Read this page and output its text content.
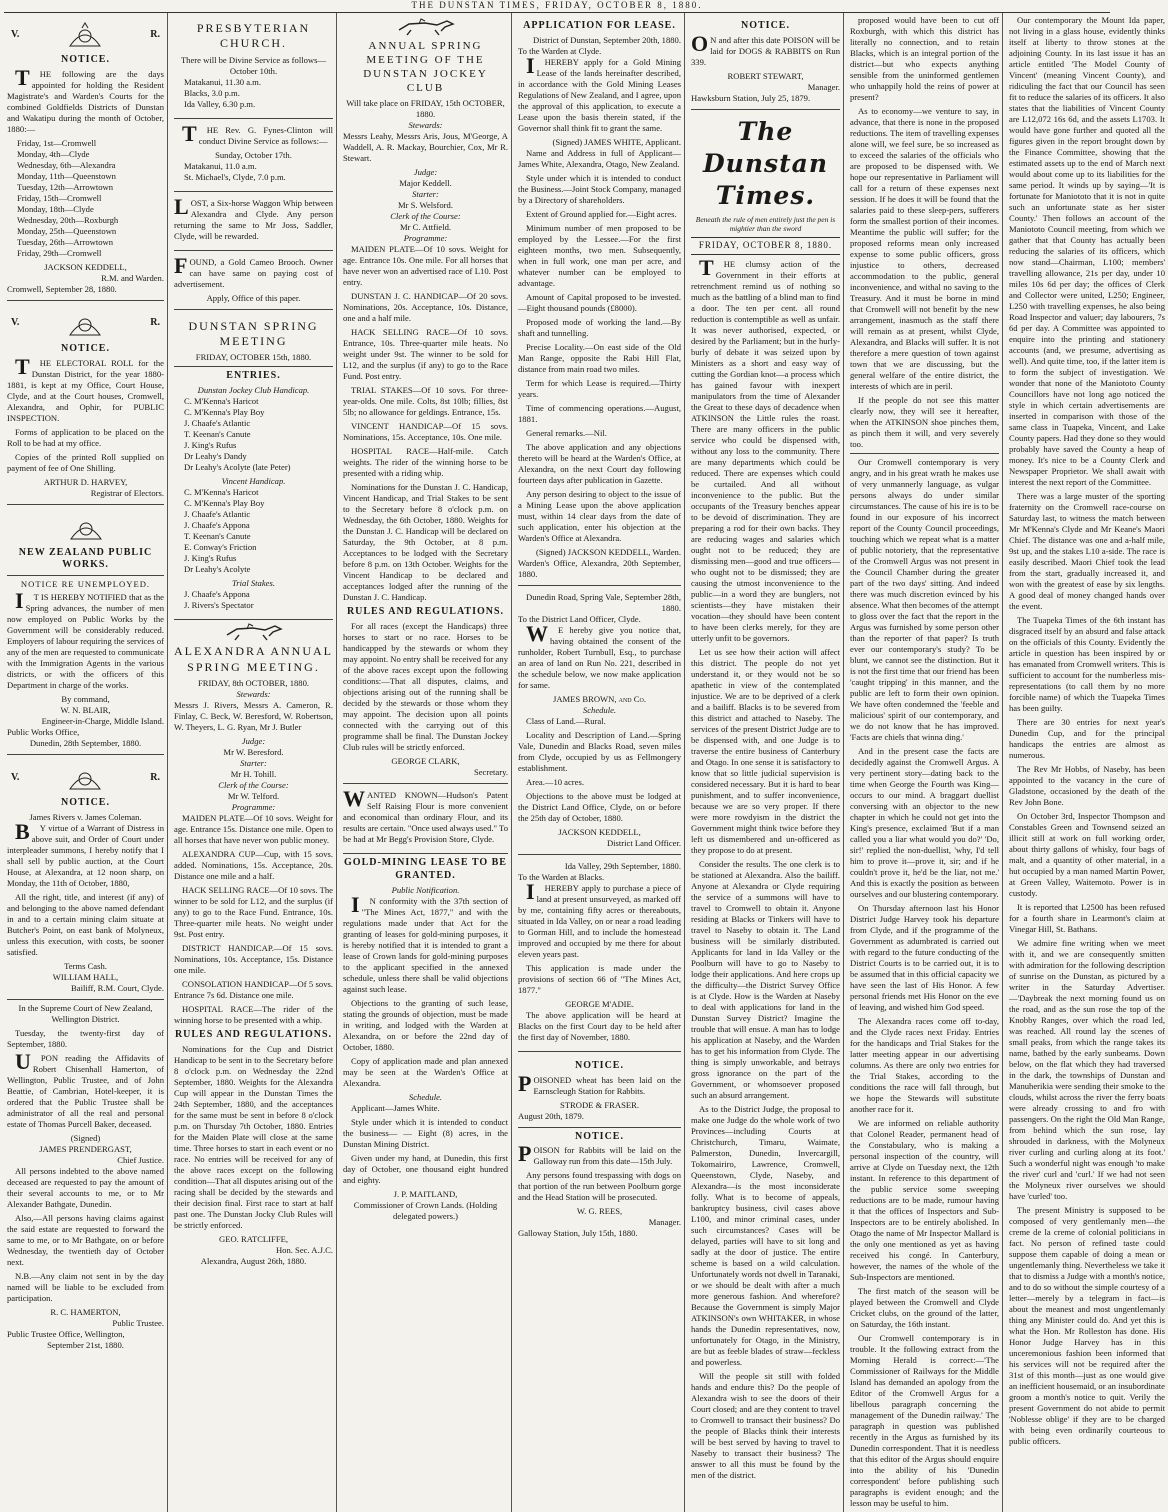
THE DUNSTAN TIMES, FRIDAY, OCTOBER 8, 1880.
V.	R.
NOTICE.

THE following are the days appointed for holding the Resident Magistrate's and Warden's Courts for the combined Goldfields Districts of Dunstan and Wakatipu during the month of October, 1880:—

Friday, 1st—Cromwell
Monday, 4th—Clyde
Wednesday, 6th—Alexandra
Monday, 11th—Queenstown
Tuesday, 12th—Arrowtown
Friday, 15th—Cromwell
Monday, 18th—Clyde
Wednesday, 20th—Roxburgh
Monday, 25th—Queenstown
Tuesday, 26th—Arrowtown
Friday, 29th—Cromwell
JACKSON KEDDELL,
R.M. and Warden.
Cromwell, September 28, 1880.
V.	R.
NOTICE.

THE ELECTORAL ROLL for the Dunstan District, for the year 1880-1881, is kept at my Office, Court House, Clyde, and at the Court houses, Cromwell, Alexandra, and Ophir, for PUBLIC INSPECTION.

Forms of application to be placed on the Roll to be had at my office.

Copies of the printed Roll supplied on payment of fee of One Shilling.

ARTHUR D. HARVEY,
Registrar of Electors.
NEW ZEALAND PUBLIC WORKS.
NOTICE RE UNEMPLOYED.

IT IS HEREBY NOTIFIED that as the Spring advances, the number of men now employed on Public Works by the Government will be considerably reduced. Employers of labour requiring the services of any of the men are requested to communicate with the Immigration Agents in the various districts, or with the officers of this Department in charge of the works.

By command,
W. N. BLAIR,
Engineer-in-Charge, Middle Island.
Public Works Office,
Dunedin, 28th September, 1880.
V.	R.
NOTICE.
James Rivers v. James Coleman.

BY virtue of a Warrant of Distress in above suit, and Order of Court under interpleader summons, I hereby notify that I shall sell by public auction, at the Court House, at Alexandra, at 12 noon sharp, on Monday, the 11th of October, 1880,

All the right, title, and interest (if any) of and belonging to the above named defendant in and to a certain mining claim situate at Butcher's Point, on east bank of Molyneux, unless this execution, with costs, be sooner satisfied.

Terms Cash.
WILLIAM HALL,
Bailiff, R.M. Court, Clyde.

In the Supreme Court of New Zealand, Wellington District.

Tuesday, the twenty-first day of September, 1880.

UPON reading the Affidavits of Robert Chisenhall Hamerton, of Wellington, Public Trustee, and of John Beattie, of Cambrian, Hotel-keeper, it is ordered that the Public Trustee shall be administrator of all the real and personal estate of Thomas Purcell Baker, deceased.

(Signed)
JAMES PRENDERGAST,
Chief Justice.

All persons indebted to the above named deceased are requested to pay the amount of their several accounts to me, or to Mr Alexander Bathgate, Dunedin.

Also,—All persons having claims against the said estate are requested to forward the same to me, or to Mr Bathgate, on or before Wednesday, the twentieth day of October next.

N.B.—Any claim not sent in by the day named will be liable to be excluded from participation.

R. C. HAMERTON,
Public Trustee.
Public Trustee Office, Wellington,
September 21st, 1880.
PRESBYTERIAN CHURCH.
There will be Divine Service as follows—
October 10th.
Matakanui, 11.30 a.m.
Blacks, 3.0 p.m.
Ida Valley, 6.30 p.m.

THE Rev. G. Fynes-Clinton will conduct Divine Service as follows:—

Sunday, October 17th.
Matakanui, 11.0 a.m.
St. Michael's, Clyde, 7.0 p.m.

LOST, a Six-horse Waggon Whip between Alexandra and Clyde. Any person returning the same to Mr Joss, Saddler, Clyde, will be rewarded.

FOUND, a Gold Cameo Brooch. Owner can have same on paying cost of advertisement.

Apply, Office of this paper.
DUNSTAN SPRING MEETING
FRIDAY, OCTOBER 15th, 1880.
ENTRIES.
Dunstan Jockey Club Handicap.
C. M'Kenna's Haricot
C. M'Kenna's Play Boy
J. Chaafe's Atlantic
T. Keenan's Canute
J. King's Rufus
Dr Leahy's Dandy
Dr Leahy's Acolyte (late Peter)
Vincent Handicap.
C. M'Kenna's Haricot
C. M'Kenna's Play Boy
J. Chaafe's Atlantic
J. Chaafe's Appona
T. Keenan's Canute
E. Conway's Friction
J. King's Rufus
Dr Leahy's Acolyte
Trial Stakes.
J. Chaafe's Appona
J. Rivers's Spectator
ALEXANDRA ANNUAL SPRING MEETING.
FRIDAY, 8th OCTOBER, 1880.
Stewards:

Messrs J. Rivers, Messrs A. Cameron, R. Finlay, C. Beck, W. Beresford, W. Robertson, W. Theyers, L. G. Ryan, Mr J. Butler

Judge:
Mr W. Beresford.
Starter:
Mr H. Tohill.
Clerk of the Course:
Mr W. Telford.
Programme:

MAIDEN PLATE—Of 10 sovs. Weight for age. Entrance 15s. Distance one mile. Open to all horses that have never won public money.

ALEXANDRA CUP—Cup, with 15 sovs. added. Nominations, 15s. Acceptance, 20s. Distance one mile and a half.

HACK SELLING RACE—Of 10 sovs. The winner to be sold for L12, and the surplus (if any) to go to the Race Fund. Entrance, 10s. Three-quarter mile heats. No weight under 9st. Post entry.

DISTRICT HANDICAP.—Of 15 sovs. Nominations, 10s. Acceptance, 15s. Distance one mile.

CONSOLATION HANDICAP—Of 5 sovs. Entrance 7s 6d. Distance one mile.

HOSPITAL RACE—The rider of the winning horse to be presented with a whip.

RULES AND REGULATIONS.

Nominations for the Cup and District Handicap to be sent in to the Secretary before 8 o'clock p.m. on Wednesday the 22nd September, 1880. Weights for the Alexandra Cup will appear in the Dunstan Times the 24th September, 1880, and the acceptances for the same must be sent in before 8 o'clock p.m. on Thursday 7th October, 1880. Entries for the Maiden Plate will close at the same time. Three horses to start in each event or no race. No entries will be received for any of the above races except on the following condition—That all disputes arising out of the racing shall be decided by the stewards and their decision final. First race to start at half past one. The Dunstan Jocky Club Rules will be strictly enforced.

GEO. RATCLIFFE,
Hon. Sec. A.J.C.
Alexandra, August 26th, 1880.
ANNUAL SPRING MEETING OF THE DUNSTAN JOCKEY CLUB
Will take place on FRIDAY, 15th OCTOBER, 1880.
Stewards:

Messrs Leahy, Messrs Aris, Jous, M'George, A Waddell, A. R. Mackay, Bourchier, Cox, Mr R. Stewart.

Judge:
Major Keddell.
Starter:
Mr S. Welsford.
Clerk of the Course:
Mr C. Attfield.
Programme:

MAIDEN PLATE—Of 10 sovs. Weight for age. Entrance 10s. One mile. For all horses that have never won an advertised race of L10. Post entry.

DUNSTAN J. C. HANDICAP—Of 20 sovs. Nominations, 20s. Acceptance, 10s. Distance, one and a half mile.

HACK SELLING RACE—Of 10 sovs. Entrance, 10s. Three-quarter mile heats. No weight under 9st. The winner to be sold for L12, and the surplus (if any) to go to the Race Fund. Post entry.

TRIAL STAKES—Of 10 sovs. For three-year-olds. One mile. Colts, 8st 10lb; fillies, 8st 5lb; no allowance for geldings. Entrance, 15s.

VINCENT HANDICAP—Of 15 sovs. Nominations, 15s. Acceptance, 10s. One mile.

HOSPITAL RACE—Half-mile. Catch weights. The rider of the winning horse to be presented with a riding whip.

Nominations for the Dunstan J. C. Handicap, Vincent Handicap, and Trial Stakes to be sent to the Secretary before 8 o'clock p.m. on Wednesday, the 6th October, 1880. Weights for the Dunstan J. C. Handicap will be declared on Saturday, the 9th October, at 8 p.m. Acceptances to be lodged with the Secretary before 8 p.m. on 13th October. Weights for the Vincent Handicap to be declared and acceptances lodged after the running of the Dunstan J. C. Handicap.

RULES AND REGULATIONS.

For all races (except the Handicaps) three horses to start or no race. Horses to be handicapped by the stewards or whom they may appoint. No entry shall be received for any of the above races except upon the following conditions:—That all disputes, claims, and objections arising out of the running shall be decided by the stewards or those whom they may appoint. The decision upon all points connected with the carrying out of this programme shall be final. The Dunstan Jockey Club rules will be strictly enforced.

GEORGE CLARK,
Secretary.

WANTED KNOWN—Hudson's Patent Self Raising Flour is more convenient and economical than ordinary Flour, and its results are certain. "Once used always used." To be had at Mr Begg's Provision Store, Clyde.

GOLD-MINING LEASE TO BE GRANTED.
Public Notification.

IN conformity with the 37th section of "The Mines Act, 1877," and with the regulations made under that Act for the granting of leases for gold-mining purposes, it is hereby notified that it is intended to grant a lease of Crown lands for gold-mining purposes to the applicant specified in the annexed schedule, unless there shall be valid objections against such lease.

Objections to the granting of such lease, stating the grounds of objection, must be made in writing, and lodged with the Warden at Alexandra, on or before the 22nd day of October, 1880.

Copy of application made and plan annexed may be seen at the Warden's Office at Alexandra.

Schedule.

Applicant—James White.

Style under which it is intended to conduct the business— — Eight (8) acres, in the Dunstan Mining District.

Given under my hand, at Dunedin, this first day of October, one thousand eight hundred and eighty.

J. P. MAITLAND,
Commissioner of Crown Lands. (Holding delegated powers.)
APPLICATION FOR LEASE.
District of Dunstan, September 20th, 1880.
To the Warden at Clyde.

IHEREBY apply for a Gold Mining Lease of the lands hereinafter described, in accordance with the Gold Mining Leases Regulations of New Zealand, and I agree, upon the approval of this application, to execute a Lease upon the basis therein stated, if the Governor shall think fit to grant the same.

(Signed) JAMES WHITE, Applicant.

Name and Address in full of Applicant—James White, Alexandra, Otago, New Zealand.

Style under which it is intended to conduct the Business.—Joint Stock Company, managed by a Directory of shareholders.

Extent of Ground applied for.—Eight acres.

Minimum number of men proposed to be employed by the Lessee.—For the first eighteen months, two men. Subsequently, when in full work, one man per acre, and whatever number can be employed to advantage.

Amount of Capital proposed to be invested.—Eight thousand pounds (£8000).

Proposed mode of working the land.—By shaft and tunnelling.

Precise Locality.—On east side of the Old Man Range, opposite the Rabi Hill Flat, distance from main road two miles.

Term for which Lease is required.—Thirty years.

Time of commencing operations.—August, 1881.

General remarks.—Nil.

The above application and any objections thereto will be heard at the Warden's Office, at Alexandra, on the next Court day following fourteen days after publication in Gazette.

Any person desiring to object to the issue of a Mining Lease upon the above application must, within 14 clear days from the date of such application, enter his objection at the Warden's Office at Alexandra.

(Signed) JACKSON KEDDELL, Warden.
Warden's Office, Alexandra, 20th September, 1880.
Dunedin Road, Spring Vale, September 28th, 1880.
To the District Land Officer, Clyde.

WE hereby give you notice that, having obtained the consent of the runholder, Robert Turnbull, Esq., to purchase an area of land on Run No. 221, described in the schedule below, we now make application for same.

JAMES BROWN, and Co.
Schedule.

Class of Land.—Rural.

Locality and Description of Land.—Spring Vale, Dunedin and Blacks Road, seven miles from Clyde, occupied by us as Fellmongery establishment.

Area.—10 acres.

Objections to the above must be lodged at the District Land Office, Clyde, on or before the 25th day of October, 1880.

JACKSON KEDDELL,
District Land Officer.
Ida Valley, 29th September, 1880.
To the Warden at Blacks.

IHEREBY apply to purchase a piece of land at present unsurveyed, as marked off by me, containing fifty acres or thereabouts, situated in Ida Valley, on or near a road leading to Gorman Hill, and to include the homestead improved and occupied by me there for about eleven years past.

This application is made under the provisions of section 66 of "The Mines Act, 1877."

GEORGE M'ADIE.

The above application will be heard at Blacks on the first Court day to be held after the first day of November, 1880.

NOTICE.

POISONED wheat has been laid on the Earnscleugh Station for Rabbits.

STRODE & FRASER.
August 20th, 1879.
NOTICE.

POISON for Rabbits will be laid on the Galloway run from this date—15th July.

Any persons found trespassing with dogs on that portion of the run between Poolburn gorge and the Head Station will be prosecuted.

W. G. REES,
Manager.
Galloway Station, July 15th, 1880.
NOTICE.

ON and after this date POISON will be laid for DOGS & RABBITS on Run 339.

ROBERT STEWART,
Manager.
Hawksburn Station, July 25, 1879.
The Dunstan Times.
Beneath the rule of men entirely just the pen is mightier than the sword
FRIDAY, OCTOBER 8, 1880.

THE clumsy action of the Government in their efforts at retrenchment remind us of nothing so much as the battling of a blind man to find a door. The ten per cent. all round reduction is contemptible as well as unfair. It was never authorised, expected, or desired by the Parliament; but in the hurly-burly of debate it was seized upon by Ministers as a short and easy way of cutting the Gordian knot—a process which has gained favour with inexpert manipulators from the time of Alexander the Great to these days of decadence when ATKINSON the Little rules the roast. There are many officers in the public service who could be dispensed with, without any loss to the community. There are many departments which could be reduced. There are expenses which could be curtailed. And all without inconvenience to the public. But the occupants of the Treasury benches appear to be devoid of discrimination. They are preparing a rod for their own backs. They are reducing wages and salaries which ought not to be reduced; they are dismissing men—good and true officers—who ought not to be dismissed; they are causing the utmost inconvenience to the public—in a word they are bunglers, not scientists—they have mistaken their vocation—they should have been content to have been clerks merely, for they are utterly unfit to be governors.

Let us see how their action will affect this district. The people do not yet understand it, or they would not be so apathetic in view of the contemplated injustice. We are to be deprived of a clerk and a bailiff. Blacks is to be severed from this district and attached to Naseby. The services of the present District Judge are to be dispensed with, and one Judge is to traverse the entire business of Canterbury and Otago. In one sense it is satisfactory to know that so little judicial supervision is considered necessary. But it is hard to bear punishment, and to suffer inconvenience, because we are so very proper. If there were more rowdyism in the district the Government might think twice before they left us dismembered and un-officered as they propose to do at present.

Consider the results. The one clerk is to be stationed at Alexandra. Also the bailiff. Anyone at Alexandra or Clyde requiring the service of a summons will have to travel to Cromwell to obtain it. Anyone residing at Blacks or Tinkers will have to travel to Naseby to obtain it. The Land business will be similarly distributed. Applicants for land in Ida Valley or the Poolburn will have to go to Naseby to lodge their applications. And here crops up the difficulty—the District Survey Office is at Clyde. How is the Warden at Naseby to deal with applications for land in the Dunstan Survey District? Imagine the trouble that will ensue. A man has to lodge his application at Naseby, and the Warden has to get his information from Clyde. The thing is simply unworkable, and betrays gross ignorance on the part of the Government, or whomsoever proposed such an absurd arrangement.

As to the District Judge, the proposal to make one Judge do the whole work of two Provinces—including Courts at Christchurch, Timaru, Waimate, Palmerston, Dunedin, Invercargill, Tokomairiro, Lawrence, Cromwell, Queenstown, Clyde, Naseby, and Alexandra—is the most inconsiderate folly. What is to become of appeals, bankruptcy business, civil cases above L100, and minor criminal cases, under such circumstances? Cases will be delayed, parties will have to sit long and sadly at the door of justice. The entire scheme is based on a wild calculation. Unfortunately words not dwell in Taranaki, or we should be dealt with after a much more generous fashion. And wherefore? Because the Government is simply Major ATKINSON's own WHITAKER, in whose hands the Dunedin representatives, now, unfortunately for Otago, in the Ministry, are but as feeble blades of straw—feckless and powerless.

Will the people sit still with folded hands and endure this? Do the people of Alexandra wish to see the doors of their Court closed; and are they content to travel to Cromwell to transact their business? Do the people of Blacks think their interests will be best served by having to travel to Naseby to transact their business? The answer to all this must be found by the men of the district.

proposed would have been to cut off Roxburgh, with which this district has literally no connection, and to retain Blacks, which is an integral portion of the district—but who expects anything sensible from the uninformed gentlemen who unhappily hold the reins of power at present?

As to economy—we venture to say, in advance, that there is none in the proposed reductions. The item of travelling expenses alone will, we feel sure, be so increased as to exceed the salaries of the officials who are proposed to be dispensed with. We hope our representative in Parliament will call for a return of these expenses next session. If he does it will be found that the salaries paid to these sleep-pers, sufferers form the smallest portion of their incomes. Meantime the public will suffer; for the proposed reforms mean only increased expense to some public officers, gross injustice to others, decreased accommodation to the public, general inconvenience, and withal no saving to the Treasury. And it must be borne in mind that Cromwell will not benefit by the new arrangement, inasmuch as the staff there will remain as at present, whilst Clyde, Alexandra, and Blacks will suffer. It is not therefore a mere question of town against town that we are discussing, but the general welfare of the entire district, the interests of which are in peril.

If the people do not see this matter clearly now, they will see it hereafter, when the ATKINSON shoe pinches them, as pinch them it will, and very severely too.

Our Cromwell contemporary is very angry, and in his great wrath he makes use of very unmannerly language, as vulgar persons always do under similar circumstances. The cause of his ire is to be found in our exposure of his incorrect report of the County Council proceedings, touching which we repeat what is a matter of public notoriety, that the representative of the Cromwell Argus was not present in the Council Chamber during the greater part of the two days' sitting. And indeed there was much discretion evinced by his absence. What then becomes of the attempt to gloss over the fact that the report in the Argus was furnished by some person other than the reporter of that paper? Is truth ever our contemporary's study? To be blunt, we cannot see the distinction. But it is not the first time that our friend has been 'caught tripping' in this manner, and the public are left to form their own opinion. We have often condemned the 'feeble and malicious' spirit of our contemporary, and we do not know that he has improved. 'Facts are chiels that winna ding.'

And in the present case the facts are decidedly against the Cromwell Argus. A very pertinent story—dating back to the time when George the Fourth was King—occurs to our mind. A braggart duellist conversing with an objector to the new chapter in which he could not get into the King's presence, exclaimed 'But if a man called you a liar what would you do?' 'Do, sir!' replied the non-duellist, 'why, I'd tell him to prove it—prove it, sir; and if he couldn't prove it, he'd be the liar, not me.' And this is exactly the position as between ourselves and our blustering contemporary.

On Thursday afternoon last his Honor District Judge Harvey took his departure from Clyde, and if the programme of the Government as adumbrated is carried out with regard to the future conducting of the District Courts is to be carried out, it is to be assumed that in this official capacity we have seen the last of His Honor. A few personal friends met His Honor on the eve of leaving, and wished him God speed.

The Alexandra races come off to-day, and the Clyde races next Friday. Entries for the handicaps and Trial Stakes for the latter meeting appear in our advertising columns. As there are only two entries for the Trial Stakes, according to the conditions the race will fall through, but we hope the Stewards will substitute another race for it.

We are informed on reliable authority that Colonel Reader, permanent head of the Constabulary, who is making a personal inspection of the country, will arrive at Clyde on Tuesday next, the 12th instant. In reference to this department of the public service some sweeping reductions are to be made, rumour having it that the offices of Inspectors and Sub-Inspectors are to be entirely abolished. In Otago the name of Mr Inspector Mallard is the only one mentioned as yet as having received his congé. In Canterbury, however, the names of the whole of the Sub-Inspectors are mentioned.

The first match of the season will be played between the Cromwell and Clyde Cricket clubs, on the ground of the latter, on Saturday, the 16th instant.

Our Cromwell contemporary is in trouble. It the following extract from the Morning Herald is correct:—'The Commissioner of Railways for the Middle Island has demanded an apology from the Editor of the Cromwell Argus for a libellous paragraph concerning the management of the Dunedin railway.' The paragraph in question was published recently in the Argus as furnished by its Dunedin correspondent. That it is needless that this editor of the Argus should enquire into the ability of his 'Dunedin correspondent' before publishing such paragraphs is evident enough; and the lesson may be useful to him.

Our contemporary the Mount Ida paper, not living in a glass house, evidently thinks itself at liberty to throw stones at the adjoining County. In its last issue it has an article entitled 'The Model County of Vincent' (meaning Vincent County), and ridiculing the fact that our Council has seen fit to reduce the salaries of its officers. It also states that the liabilities of Vincent County are L12,072 16s 6d, and the assets L1703. It would have gone further and quoted all the figures given in the report brought down by the Finance Committee, showing that the estimated assets up to the end of March next would about come up to its liabilities for the same period. It winds up by saying—'It is fortunate for Maniototo that it is not in quite such an unfortunate state as her sister County.' Then follows an account of the Maniototo Council meeting, from which we gather that that County has actually been reducing the salaries of its officers, which now stand—Chairman, L100; members' travelling allowance, 21s per day, under 10 miles 10s 6d per day; the offices of Clerk and Collector were united, L250; Engineer, L250 with travelling expenses, he also being Road Inspector and valuer; day labourers, 7s 6d per day. A Committee was appointed to enquire into the printing and stationery accounts (and, we presume, advertising as well). And quite time, too, if the latter item is to form the subject of investigation. We wonder that none of the Maniototo County Councillors have not long ago noticed the style in which certain advertisements are inserted in comparison with those of the same class in Tuapeka, Vincent, and Lake County papers. Had they done so they would probably have saved the County a heap of money. It's nice to be a County Clerk and Newspaper Proprietor. We shall await with interest the next report of the Committee.

There was a large muster of the sporting fraternity on the Cromwell race-course on Saturday last, to witness the match between Mr M'Kenna's Clyde and Mr Keane's Maori Chief. The distance was one and a-half mile, 9st up, and the stakes L10 a-side. The race is easily described. Maori Chief took the lead from the start, gradually increased it, and won with the greatest of ease by six lengths. A good deal of money changed hands over the event.

The Tuapeka Times of the 6th instant has disgraced itself by an absurd and false attack on the officials of this County. Evidently the article in question has been inspired by or has emanated from Cromwell writers. This is sufficient to account for the numberless mis-representations (to call them by no more forcible name) of which the Tuapeka Times has been guilty.

There are 30 entries for next year's Dunedin Cup, and for the principal handicaps the entries are almost as numerous.

The Rev Mr Hobbs, of Naseby, has been appointed to the vacancy in the cure of Gladstone, occasioned by the death of the Rev John Bone.

On October 3rd, Inspector Thompson and Constables Green and Townsend seized an illicit still at work on full working order, about thirty gallons of whisky, four bags of malt, and a quantity of other material, in a hut occupied by a man named Martin Power, at Green Valley, Waitemoto. Power is in custody.

It is reported that L2500 has been refused for a fourth share in Learmont's claim at Vinegar Hill, St. Bathans.

We admire fine writing when we meet with it, and we are consequently smitten with admiration for the following description of sunrise on the Dunstan, as pictured by a writer in the Saturday Advertiser.—'Daybreak the next morning found us on the road, and as the sun rose the top of the Knobby Ranges, over which the road led, was reached. All round lay the scenes of small peaks, from which the range takes its name, bathed by the early sunbeams. Down below, on the flat which they had traversed in the dark, the townships of Dunstan and Manuherikia were sending their smoke to the clouds, whilst across the river the ferry boats were already crossing to and fro with passengers. On the right the Old Man Range, from behind which the sun rose, lay shrouded in darkness, with the Molyneux river curling and curling along at its foot.' Such a wonderful night was enough 'to make the river' curl and 'curl.' If we had not seen the Molyneux river ourselves we should have 'curled' too.

The present Ministry is supposed to be composed of very gentlemanly men—the creme de la creme of colonial politicians in fact. No person of refined taste could suppose them capable of doing a mean or ungentlemanly thing. Nevertheless we take it that to dismiss a Judge with a month's notice, and to do so without the simple courtesy of a letter—merely by a telegram in fact—is about the meanest and most ungentlemanly thing any Minister could do. And yet this is what the Hon. Mr Rolleston has done. His Honor Judge Harvey has in this unceremonious fashion been informed that his services will not be required after the 31st of this month—just as one would give an inefficient housemaid, or an insubordinate groom a month's notice to quit. Verily the present Government do not abide to permit 'Noblesse oblige' if they are to be charged with being even ordinarily courteous to public officers.
